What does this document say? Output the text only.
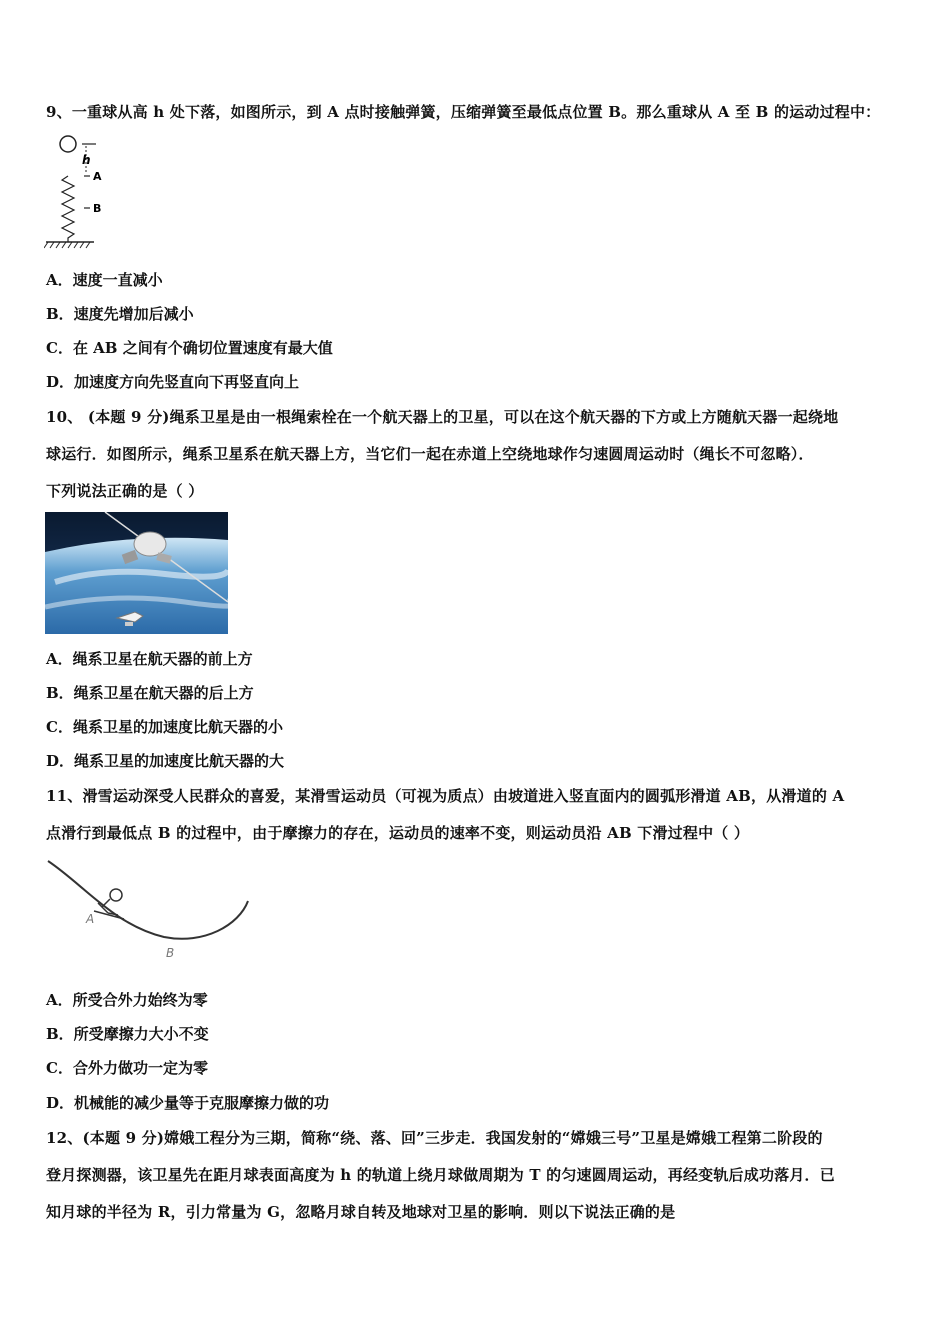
9、一重球从高 h 处下落，如图所示，到 A 点时接触弹簧，压缩弹簧至最低点位置 B。那么重球从 A 至 B 的运动过程中：
h
A
B
A．速度一直减小
B．速度先增加后减小
C．在 AB 之间有个确切位置速度有最大值
D．加速度方向先竖直向下再竖直向上
10、 (本题 9 分)绳系卫星是由一根绳索栓在一个航天器上的卫星，可以在这个航天器的下方或上方随航天器一起绕地
球运行．如图所示，绳系卫星系在航天器上方，当它们一起在赤道上空绕地球作匀速圆周运动时（绳长不可忽略）．
下列说法正确的是（ ）
A．绳系卫星在航天器的前上方
B．绳系卫星在航天器的后上方
C．绳系卫星的加速度比航天器的小
D．绳系卫星的加速度比航天器的大
11、滑雪运动深受人民群众的喜爱，某滑雪运动员（可视为质点）由坡道进入竖直面内的圆弧形滑道 AB，从滑道的 A
点滑行到最低点 B 的过程中，由于摩擦力的存在，运动员的速率不变，则运动员沿 AB 下滑过程中（ ）
A
B
A．所受合外力始终为零
B．所受摩擦力大小不变
C．合外力做功一定为零
D．机械能的减少量等于克服摩擦力做的功
12、(本题 9 分)嫦娥工程分为三期，简称“绕、落、回”三步走．我国发射的“嫦娥三号”卫星是嫦娥工程第二阶段的
登月探测器，该卫星先在距月球表面高度为 h 的轨道上绕月球做周期为 T 的匀速圆周运动，再经变轨后成功落月．已
知月球的半径为 R，引力常量为 G，忽略月球自转及地球对卫星的影响．则以下说法正确的是
